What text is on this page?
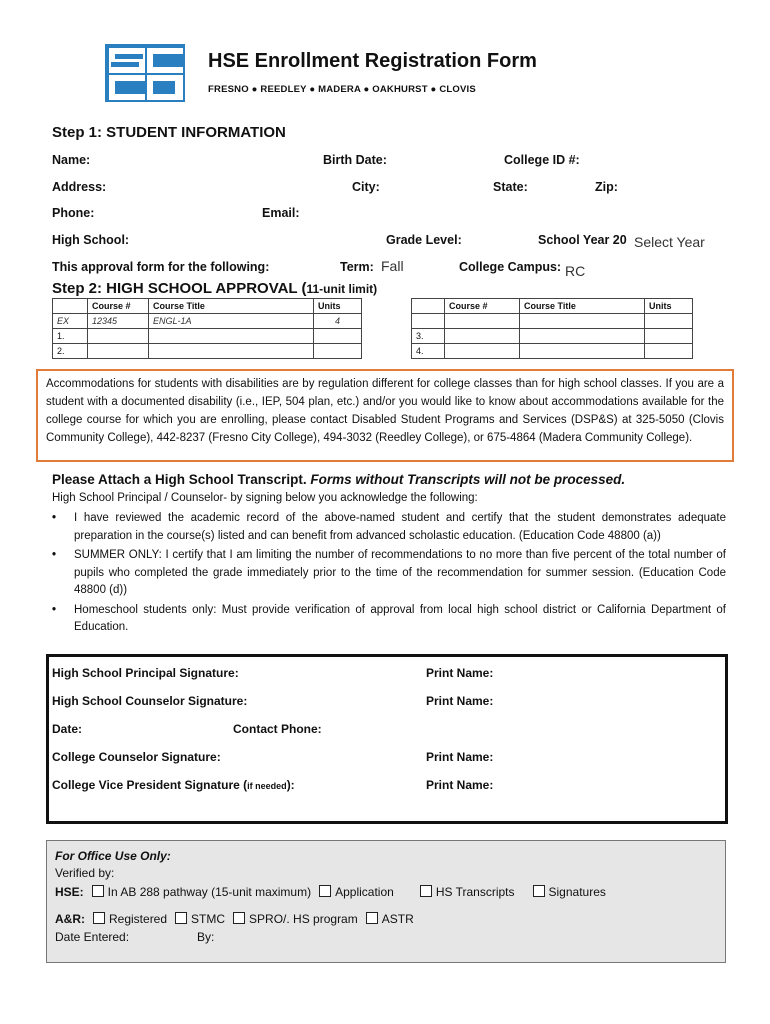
HSE Enrollment Registration Form
FRESNO ● REEDLEY ● MADERA ● OAKHURST ● CLOVIS
Step 1: STUDENT INFORMATION
Name:	Birth Date:	College ID #:
Address:	City:	State:	Zip:
Phone:	Email:
High School:	Grade Level:	School Year 20 Select Year
This approval form for the following:	Term: Fall	College Campus: RC
Step 2: HIGH SCHOOL APPROVAL (11-unit limit)
	Course #	Course Title	Units
EX	12345	ENGL-1A	4
1.			
2.			
	Course #	Course Title	Units

3.			
4.			
Accommodations for students with disabilities are by regulation different for college classes than for high school classes. If you are a student with a documented disability (i.e., IEP, 504 plan, etc.) and/or you would like to know about accommodations available for the college course for which you are enrolling, please contact Disabled Student Programs and Services (DSP&S) at 325-5050 (Clovis Community College), 442-8237 (Fresno City College), 494-3032 (Reedley College), or 675-4864 (Madera Community College).
Please Attach a High School Transcript. Forms without Transcripts will not be processed.
High School Principal / Counselor- by signing below you acknowledge the following:
• I have reviewed the academic record of the above-named student and certify that the student demonstrates adequate preparation in the course(s) listed and can benefit from advanced scholastic education. (Education Code 48800 (a))
• SUMMER ONLY: I certify that I am limiting the number of recommendations to no more than five percent of the total number of pupils who completed the grade immediately prior to the time of the recommendation for summer session. (Education Code 48800 (d))
• Homeschool students only: Must provide verification of approval from local high school district or California Department of Education.
High School Principal Signature:	Print Name:
High School Counselor Signature:	Print Name:
Date:	Contact Phone:
College Counselor Signature:	Print Name:
College Vice President Signature (if needed):	Print Name:
For Office Use Only:
Verified by:
HSE: In AB 288 pathway (15-unit maximum) Application	HS Transcripts	Signatures
A&R: Registered STMC SPRO/. HS program ASTR
Date Entered:	By:
